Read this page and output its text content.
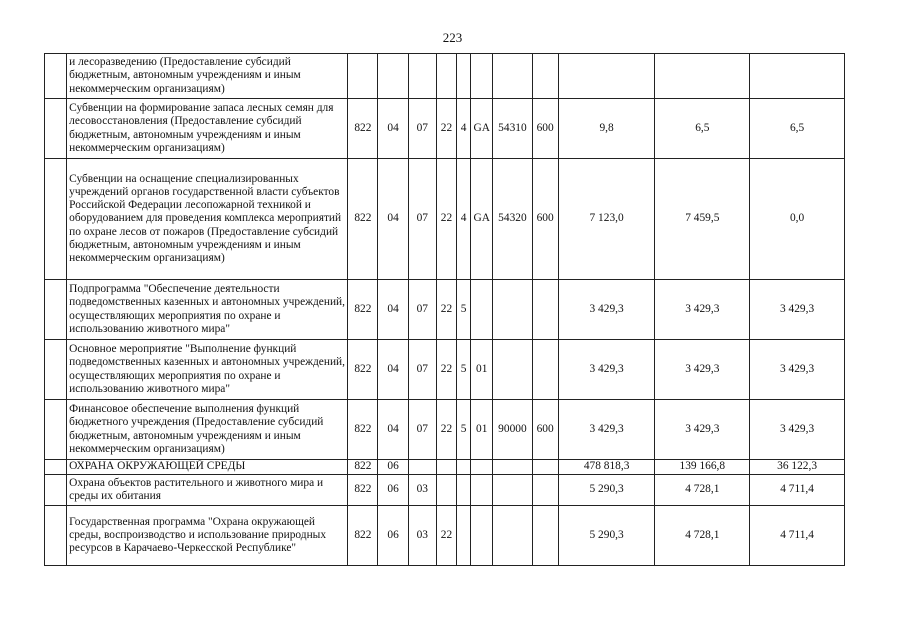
223
	и лесоразведению (Предоставление субсидий бюджетным, автономным учреждениям и иным некоммерческим организациям)											
	Субвенции на формирование запаса лесных семян для лесовосстановления (Предоставление субсидий бюджетным, автономным учреждениям и иным некоммерческим организациям)	822	04	07	22	4	GA	54310	600	9,8	6,5	6,5
	Субвенции на оснащение специализированных учреждений органов государственной власти субъектов Российской Федерации лесопожарной техникой и оборудованием для проведения комплекса мероприятий по охране лесов от пожаров (Предоставление субсидий бюджетным, автономным учреждениям и иным некоммерческим организациям)	822	04	07	22	4	GA	54320	600	7 123,0	7 459,5	0,0
	Подпрограмма "Обеспечение деятельности подведомственных казенных и автономных учреждений, осуществляющих мероприятия по охране и использованию животного мира"	822	04	07	22	5				3 429,3	3 429,3	3 429,3
	Основное мероприятие "Выполнение функций подведомственных казенных и автономных учреждений, осуществляющих мероприятия по охране и использованию животного мира"	822	04	07	22	5	01			3 429,3	3 429,3	3 429,3
	Финансовое обеспечение выполнения функций бюджетного учреждения (Предоставление субсидий бюджетным, автономным учреждениям и иным некоммерческим организациям)	822	04	07	22	5	01	90000	600	3 429,3	3 429,3	3 429,3
	ОХРАНА ОКРУЖАЮЩЕЙ СРЕДЫ	822	06							478 818,3	139 166,8	36 122,3
	Охрана объектов растительного и животного мира и среды их обитания	822	06	03						5 290,3	4 728,1	4 711,4
	Государственная программа "Охрана окружающей среды, воспроизводство и использование природных ресурсов в Карачаево-Черкесской Республике"	822	06	03	22					5 290,3	4 728,1	4 711,4
